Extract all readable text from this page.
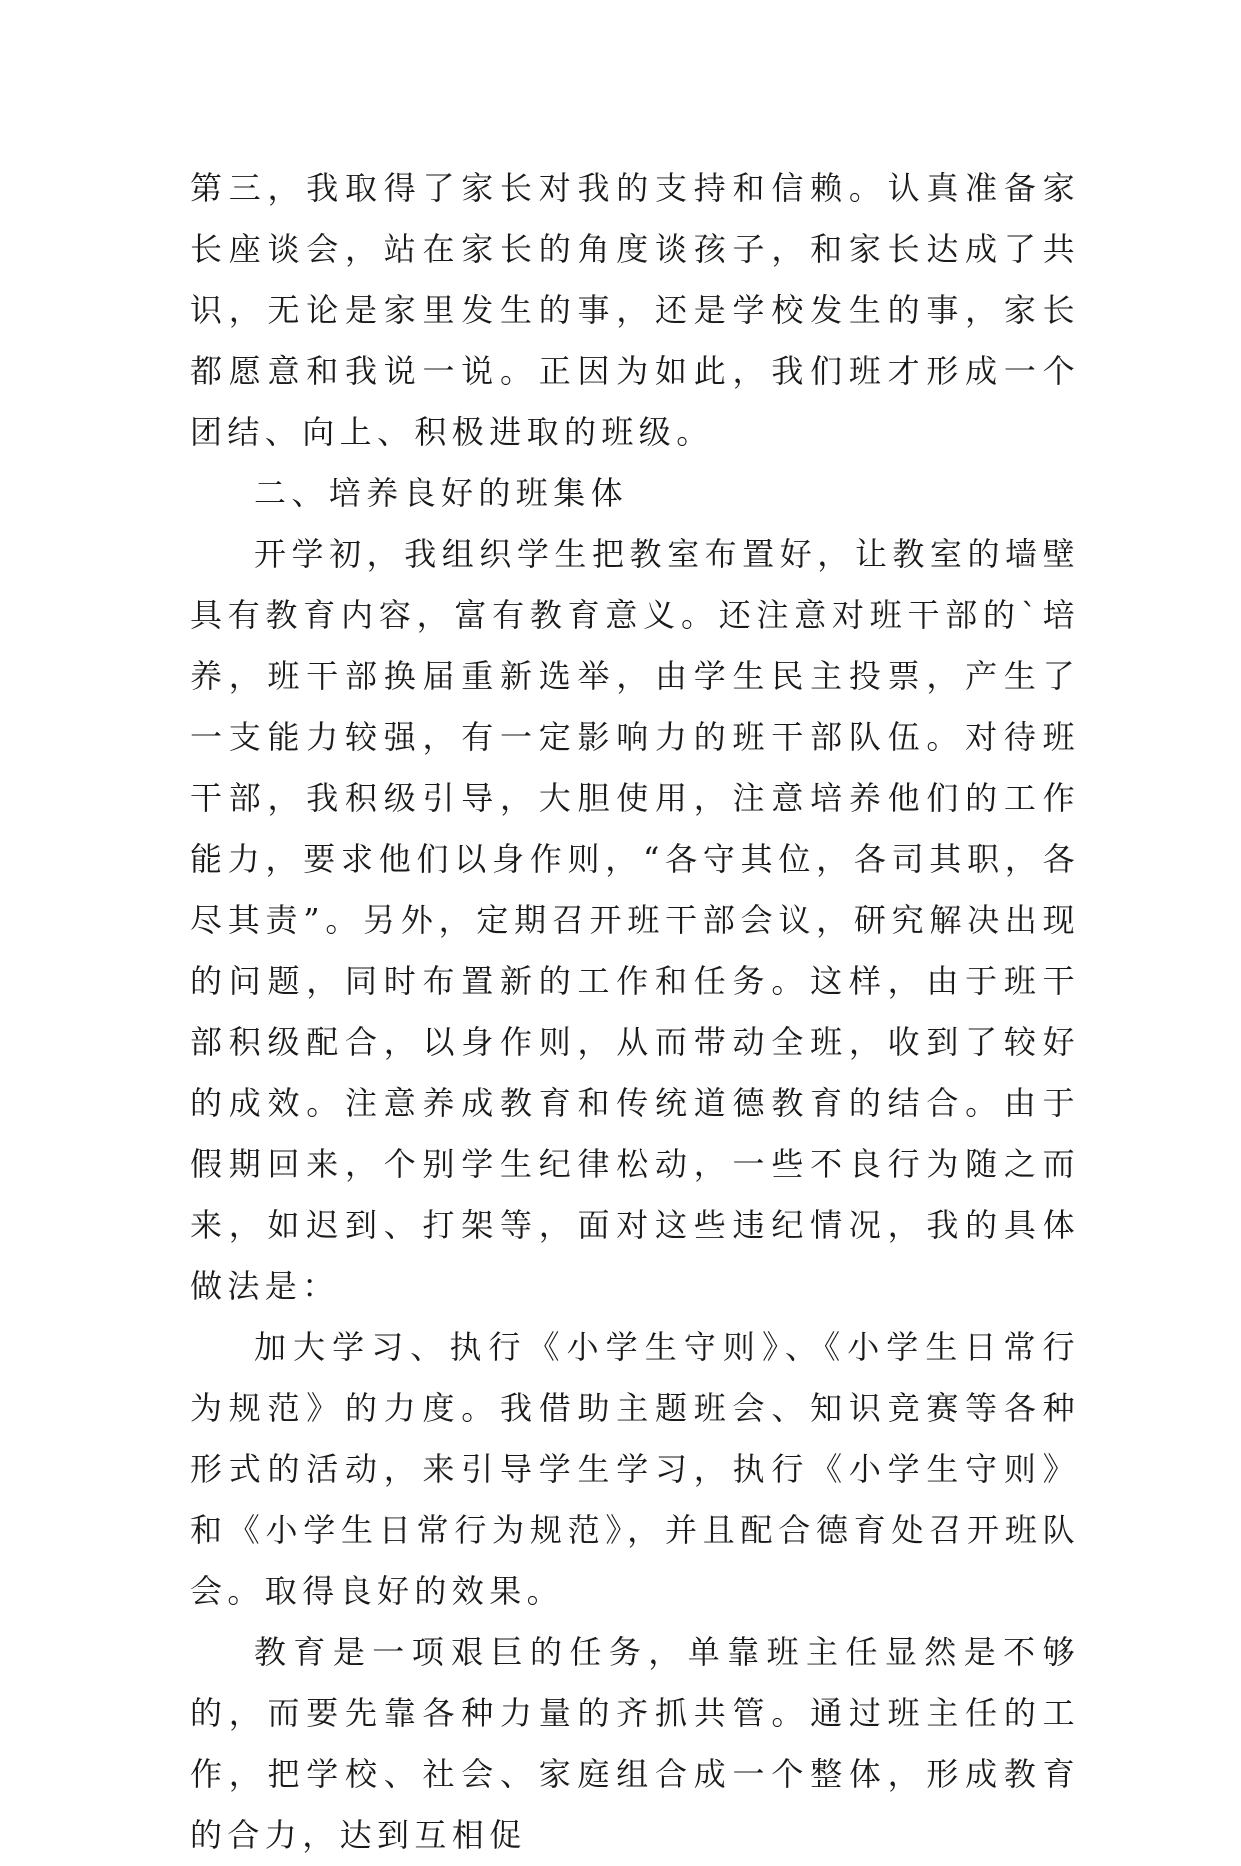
第三，我取得了家长对我的支持和信赖。认真准备家长座谈会，站在家长的角度谈孩子，和家长达成了共识，无论是家里发生的事，还是学校发生的事，家长都愿意和我说一说。正因为如此，我们班才形成一个团结、向上、积极进取的班级。

二、培养良好的班集体

开学初，我组织学生把教室布置好，让教室的墙壁具有教育内容，富有教育意义。还注意对班干部的`培养，班干部换届重新选举，由学生民主投票，产生了一支能力较强，有一定影响力的班干部队伍。对待班干部，我积级引导，大胆使用，注意培养他们的工作能力，要求他们以身作则，“各守其位，各司其职，各尽其责”。另外，定期召开班干部会议，研究解决出现的问题，同时布置新的工作和任务。这样，由于班干部积级配合，以身作则，从而带动全班，收到了较好的成效。注意养成教育和传统道德教育的结合。由于假期回来，个别学生纪律松动，一些不良行为随之而来，如迟到、打架等，面对这些违纪情况，我的具体做法是：

加大学习、执行《小学生守则》、《小学生日常行为规范》的力度。我借助主题班会、知识竞赛等各种形式的活动，来引导学生学习，执行《小学生守则》和《小学生日常行为规范》，并且配合德育处召开班队会。取得良好的效果。

教育是一项艰巨的任务，单靠班主任显然是不够的，而要先靠各种力量的齐抓共管。通过班主任的工作，把学校、社会、家庭组合成一个整体，形成教育的合力，达到互相促
